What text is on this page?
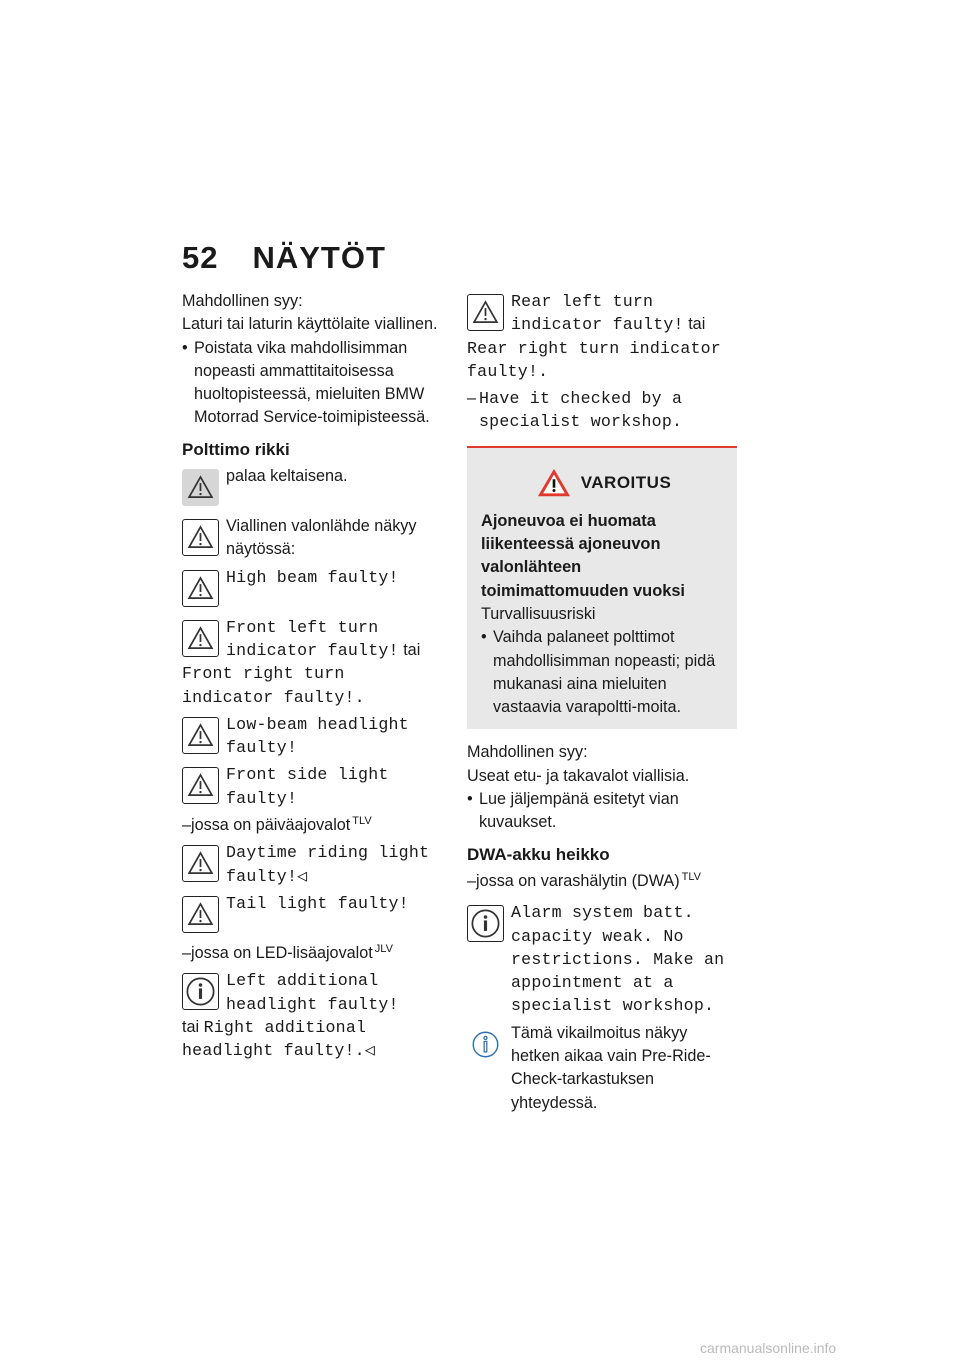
52 NÄYTÖT

Mahdollinen syy:

Laturi tai laturin käyttölaite viallinen.

• Poistata vika mahdollisimman nopeasti ammattitaitoisessa huoltopisteessä, mieluiten BMW Motorrad Service-toimipisteessä.

Polttimo rikki

palaa keltaisena.
Viallinen valonlähde näkyy näytössä:
High beam faulty!
Front left turn indicator faulty! tai
Front right turn indicator faulty!.
Low-beam headlight faulty!
Front side light faulty!

–jossa on päiväajovalot $^{TLV}$

Daytime riding light faulty!◁
Tail light faulty!

–jossa on LED-lisäajovalot $^{JLV}$

Left additional headlight faulty!
tai Right additional headlight faulty!.◁
Rear left turn indicator faulty! tai
Rear right turn indicator faulty!.
– Have it checked by a specialist workshop.
VAROITUS

Ajoneuvoa ei huomata liikenteessä ajoneuvon valonlähteen toimimattomuuden vuoksi

Turvallisuusriski

• Vaihda palaneet polttimot mahdollisimman nopeasti; pidä mukanasi aina mieluiten vastaavia varapoltti-moita.

Mahdollinen syy:

Useat etu- ja takavalot viallisia.

• Lue jäljempänä esitetyt vian kuvaukset.

DWA-akku heikko

–jossa on varashälytin (DWA) $^{TLV}$
Alarm system batt. capacity weak. No restrictions. Make an appointment at a specialist workshop.
Tämä vikailmoitus näkyy hetken aikaa vain Pre-Ride-Check-tarkastuksen yhteydessä.
carmanualsonline.info
